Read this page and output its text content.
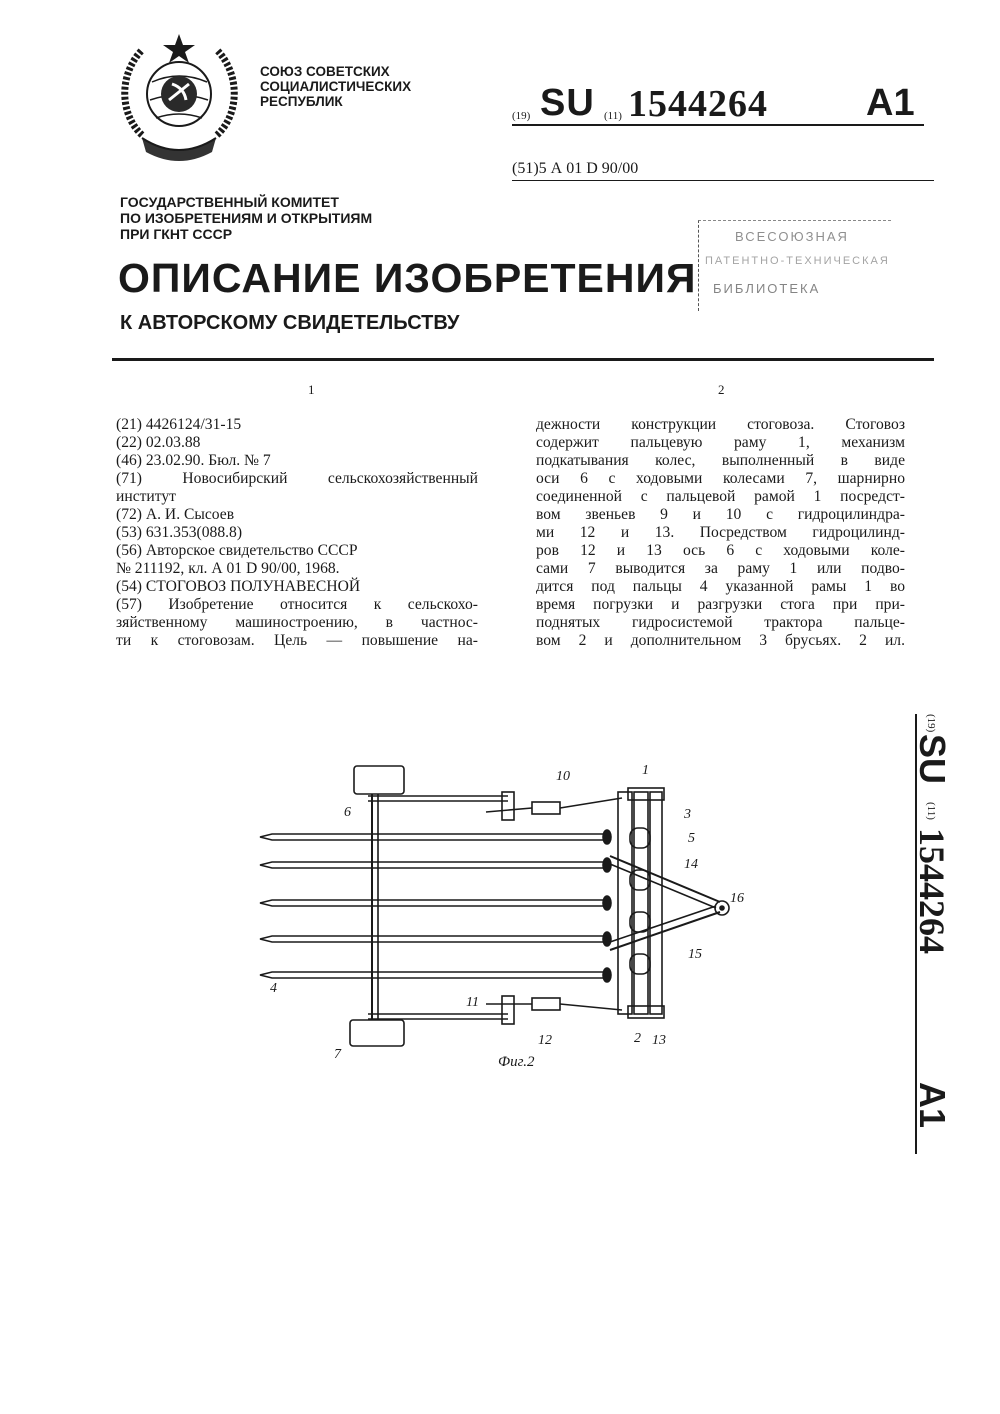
СОЮЗ СОВЕТСКИХ
СОЦИАЛИСТИЧЕСКИХ
РЕСПУБЛИК
(19) SU (11) 1544264	A1
(51)5 А 01 D 90/00
ГОСУДАРСТВЕННЫЙ КОМИТЕТ
ПО ИЗОБРЕТЕНИЯМ И ОТКРЫТИЯМ
ПРИ ГКНТ СССР	ВСЕСОЮЗНАЯ
ПАТЕНТНО-ТЕХНИЧЕСКАЯ
БИБЛИОТЕКА
ОПИСАНИЕ ИЗОБРЕТЕНИЯ
К АВТОРСКОМУ СВИДЕТЕЛЬСТВУ
1	2
(21) 4426124/31-15
(22) 02.03.88
(46) 23.02.90. Бюл. № 7
(71) Новосибирский сельскохозяйственный
институт
(72) А. И. Сысоев
(53) 631.353(088.8)
(56) Авторское свидетельство СССР
№ 211192, кл. А 01 D 90/00, 1968.
(54) СТОГОВОЗ ПОЛУНАВЕСНОЙ
(57) Изобретение относится к сельскохо-
зяйственному машиностроению, в частнос-
ти к стоговозам. Цель — повышение на-
дежности конструкции стоговоза. Стоговоз
содержит пальцевую раму 1, механизм
подкатывания колес, выполненный в виде
оси 6 с ходовыми колесами 7, шарнирно
соединенной с пальцевой рамой 1 посредст-
вом звеньев 9 и 10 с гидроцилиндра-
ми 12 и 13. Посредством гидроцилинд-
ров 12 и 13 ось 6 с ходовыми коле-
сами 7 выводится за раму 1 или подво-
дится под пальцы 4 указанной рамы 1 во
время погрузки и разгрузки стога при при-
поднятых гидросистемой трактора пальце-
вом 2 и дополнительном 3 брусьях. 2 ил.
1
2
3
4
5
6
7
10
11
12	13
14
15
16
Фиг.2
(19)
SU
(11)
1544264
A1
